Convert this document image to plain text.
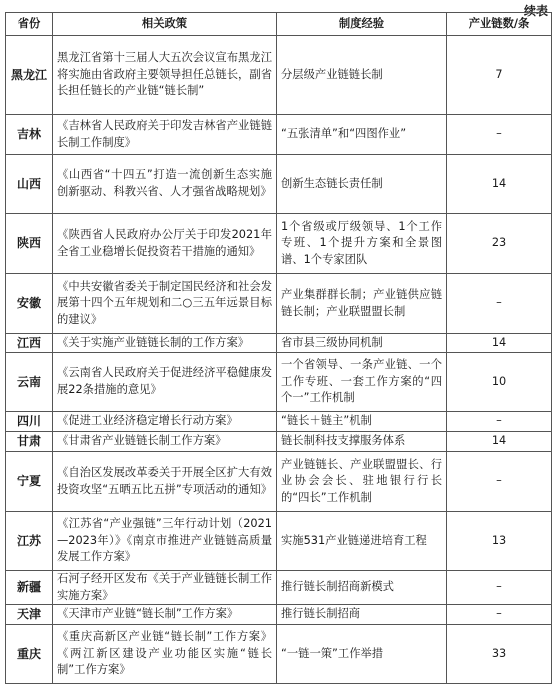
续表
省份	相关政策	制度经验	产业链数/条
黑龙江	黑龙江省第十三届人大五次会议宣布黑龙江将实施由省政府主要领导担任总链长，副省长担任链长的产业链“链长制”	分层级产业链链长制	7
吉林	《吉林省人民政府关于印发吉林省产业链链长制工作制度》	“五张清单”和“四图作业”	–
山西	《山西省“十四五”打造一流创新生态实施创新驱动、科教兴省、人才强省战略规划》	创新生态链长责任制	14
陕西	《陕西省人民政府办公厅关于印发2021年全省工业稳增长促投资若干措施的通知》	1个省级或厅级领导、1个工作专班、1个提升方案和全景图谱、1个专家团队	23
安徽	《中共安徽省委关于制定国民经济和社会发展第十四个五年规划和二○三五年远景目标的建议》	产业集群群长制；产业链供应链链长制；产业联盟盟长制	–
江西	《关于实施产业链链长制的工作方案》	省市县三级协同机制	14
云南	《云南省人民政府关于促进经济平稳健康发展22条措施的意见》	一个省领导、一条产业链、一个工作专班、一套工作方案的“四个一”工作机制	10
四川	《促进工业经济稳定增长行动方案》	“链长＋链主”机制	–
甘肃	《甘肃省产业链链长制工作方案》	链长制科技支撑服务体系	14
宁夏	《自治区发展改革委关于开展全区扩大有效投资攻坚“五晒五比五拼”专项活动的通知》	产业链链长、产业联盟盟长、行业协会会长、驻地银行行长的“四长”工作机制	–
江苏	《江苏省“产业强链”三年行动计划（2021—2023年）》《南京市推进产业链链高质量发展工作方案》	实施531产业链递进培育工程	13
新疆	石河子经开区发布《关于产业链链长制工作实施方案》	推行链长制招商新模式	–
天津	《天津市产业链“链长制”工作方案》	推行链长制招商	–
重庆	《重庆高新区产业链“链长制”工作方案》《两江新区建设产业功能区实施“链长制”工作方案》	“一链一策”工作举措	33
